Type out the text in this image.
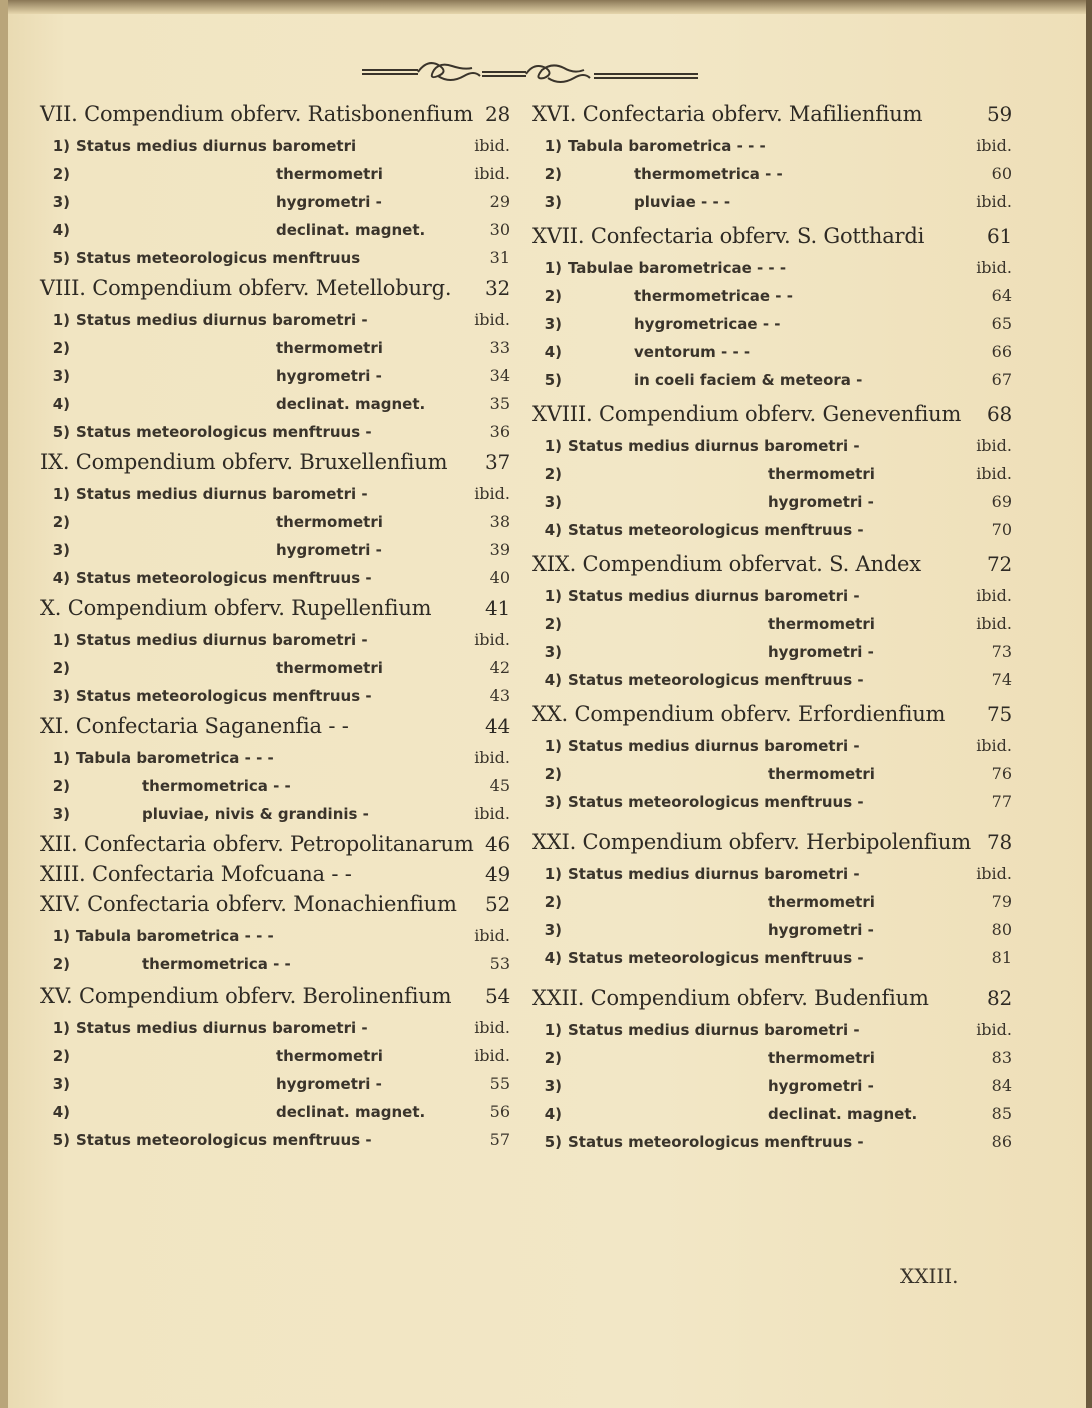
VII. Compendium obferv. Ratisbonenfium 28
1) Status medius diurnus barometri	ibid.
2)	thermometri	ibid.
3)	hygrometri -	29
4)	declinat. magnet.	30
5) Status meteorologicus menftruus	31
VIII. Compendium obferv. Metelloburg. 32
1) Status medius diurnus barometri -	ibid.
2)	thermometri	33
3)	hygrometri -	34
4)	declinat. magnet.	35
5) Status meteorologicus menftruus -	36
IX. Compendium obferv. Bruxellenfium 37
1) Status medius diurnus barometri -	ibid.
2)	thermometri	38
3)	hygrometri -	39
4) Status meteorologicus menftruus -	40
X. Compendium obferv. Rupellenfium	41
1) Status medius diurnus barometri -	ibid.
2)	thermometri	42
3) Status meteorologicus menftruus -	43
XI. Confectaria Saganenfia - -	44
1) Tabula barometrica - - -	ibid.
2)	thermometrica - -	45
3)	pluviae, nivis & grandinis -	ibid.
XII. Confectaria obferv. Petropolitanarum 46
XIII. Confectaria Mofcuana - -	49
XIV. Confectaria obferv. Monachienfium 52
1) Tabula barometrica - - -	ibid.
2)	thermometrica - -	53
XV. Compendium obferv. Berolinenfium 54
1) Status medius diurnus barometri -	ibid.
2)	thermometri	ibid.
3)	hygrometri -	55
4)	declinat. magnet.	56
5) Status meteorologicus menftruus -	57
XVI. Confectaria obferv. Mafilienfium	59
1) Tabula barometrica - - -	ibid.
2)	thermometrica - -	60
3)	pluviae - - -	ibid.
XVII. Confectaria obferv. S. Gotthardi	61
1) Tabulae barometricae - - -	ibid.
2)	thermometricae - -	64
3)	hygrometricae - -	65
4)	ventorum - - -	66
5)	in coeli faciem & meteora -	67
XVIII. Compendium obferv. Genevenfium 68
1) Status medius diurnus barometri -	ibid.
2)	thermometri	ibid.
3)	hygrometri -	69
4) Status meteorologicus menftruus -	70
XIX. Compendium obfervat. S. Andex	72
1) Status medius diurnus barometri -	ibid.
2)	thermometri	ibid.
3)	hygrometri -	73
4) Status meteorologicus menftruus -	74
XX. Compendium obferv. Erfordienfium 75
1) Status medius diurnus barometri -	ibid.
2)	thermometri	76
3) Status meteorologicus menftruus -	77
XXI. Compendium obferv. Herbipolenfium 78
1) Status medius diurnus barometri -	ibid.
2)	thermometri	79
3)	hygrometri -	80
4) Status meteorologicus menftruus -	81
XXII. Compendium obferv. Budenfium	82
1) Status medius diurnus barometri -	ibid.
2)	thermometri	83
3)	hygrometri -	84
4)	declinat. magnet.	85
5) Status meteorologicus menftruus -	86
XXIII.
